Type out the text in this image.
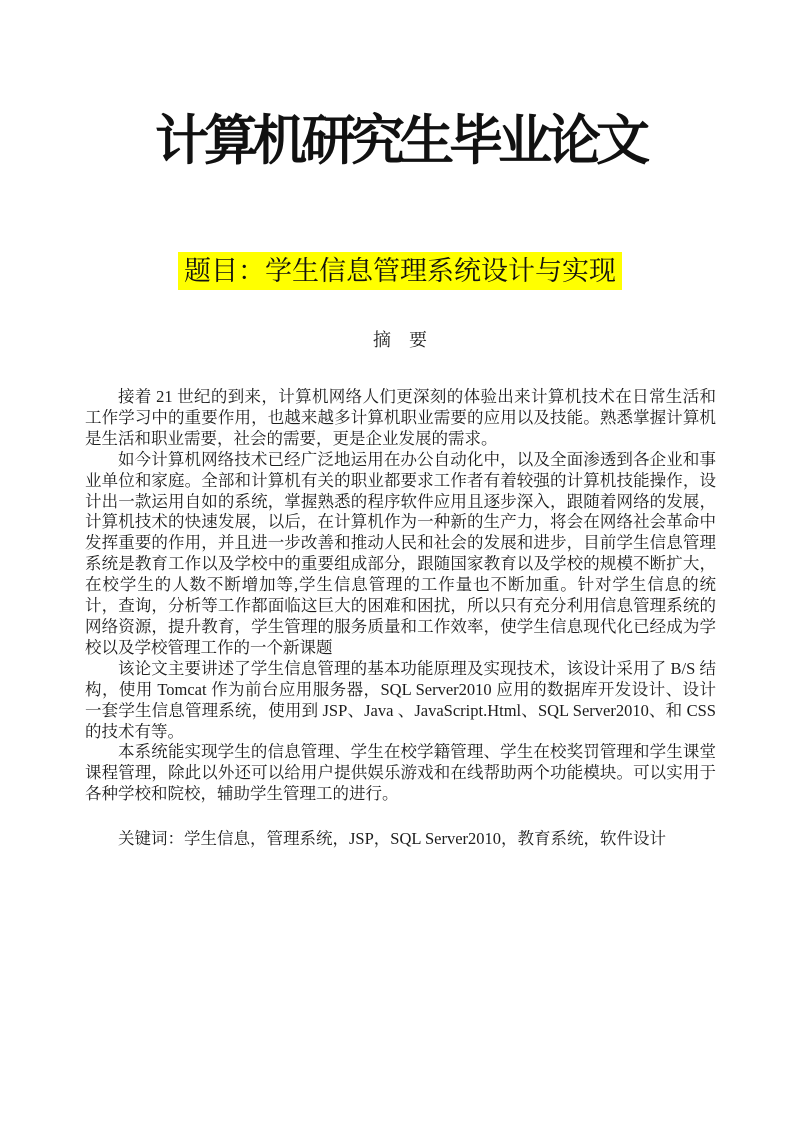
计算机研究生毕业论文
题目：学生信息管理系统设计与实现
摘　要

接着 21 世纪的到来，计算机网络人们更深刻的体验出来计算机技术在日常生活和工作学习中的重要作用，也越来越多计算机职业需要的应用以及技能。熟悉掌握计算机是生活和职业需要，社会的需要，更是企业发展的需求。

如今计算机网络技术已经广泛地运用在办公自动化中，以及全面渗透到各企业和事业单位和家庭。全部和计算机有关的职业都要求工作者有着较强的计算机技能操作，设计出一款运用自如的系统，掌握熟悉的程序软件应用且逐步深入，跟随着网络的发展，计算机技术的快速发展，以后，在计算机作为一种新的生产力，将会在网络社会革命中发挥重要的作用，并且进一步改善和推动人民和社会的发展和进步，目前学生信息管理系统是教育工作以及学校中的重要组成部分，跟随国家教育以及学校的规模不断扩大，在校学生的人数不断增加等,学生信息管理的工作量也不断加重。针对学生信息的统计，查询，分析等工作都面临这巨大的困难和困扰，所以只有充分利用信息管理系统的网络资源，提升教育，学生管理的服务质量和工作效率，使学生信息现代化已经成为学校以及学校管理工作的一个新课题

该论文主要讲述了学生信息管理的基本功能原理及实现技术，该设计采用了 B/S 结构，使用 Tomcat 作为前台应用服务器，SQL Server2010 应用的数据库开发设计、设计一套学生信息管理系统，使用到 JSP、Java 、JavaScript.Html、SQL Server2010、和 CSS 的技术有等。

本系统能实现学生的信息管理、学生在校学籍管理、学生在校奖罚管理和学生课堂课程管理，除此以外还可以给用户提供娱乐游戏和在线帮助两个功能模块。可以实用于各种学校和院校，辅助学生管理工的进行。

关键词：学生信息，管理系统，JSP，SQL Server2010，教育系统，软件设计
